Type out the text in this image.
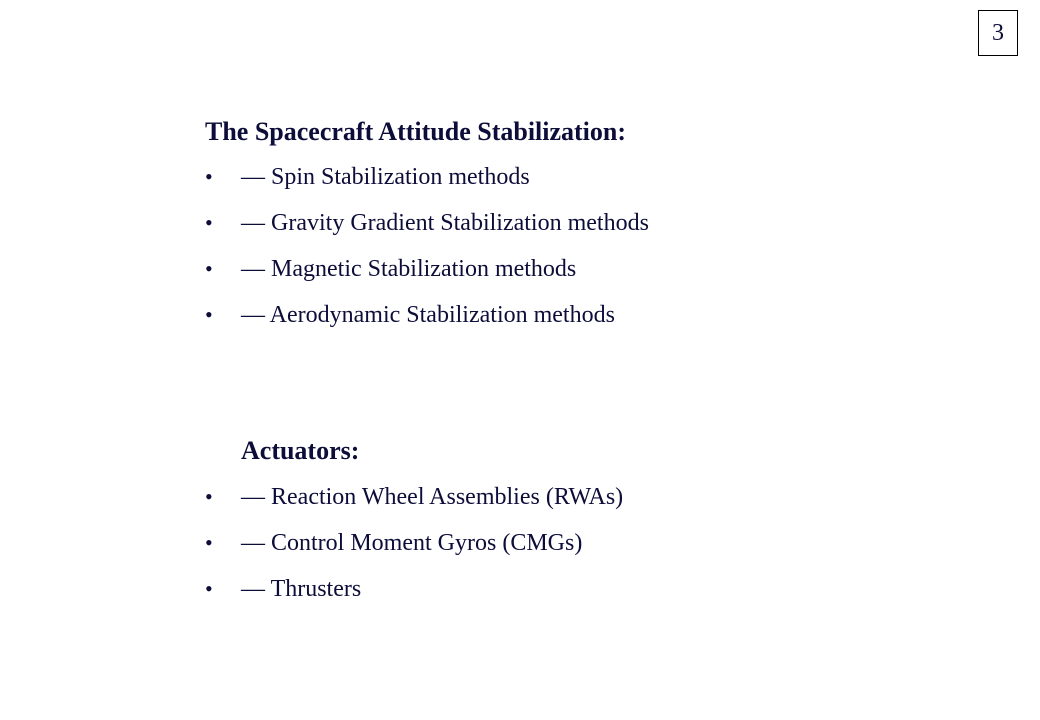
3
The Spacecraft Attitude Stabilization:
•	— Spin Stabilization methods
•	— Gravity Gradient Stabilization methods
•	— Magnetic Stabilization methods
•	— Aerodynamic Stabilization methods
Actuators:
•	— Reaction Wheel Assemblies (RWAs)
•	— Control Moment Gyros (CMGs)
•	— Thrusters
